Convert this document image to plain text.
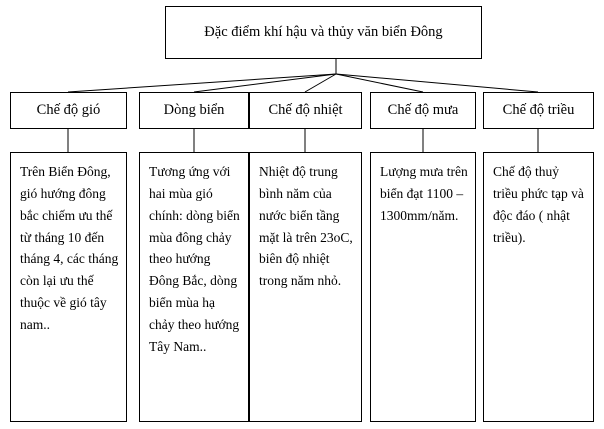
Đặc điểm khí hậu và thủy văn biển Đông
Chế độ gió	Dòng biển	Chế độ nhiệt	Chế độ mưa	Chế độ triều
Trên Biển Đông, gió hướng đông bắc chiếm ưu thế từ tháng 10 đến tháng 4, các tháng còn lại ưu thế thuộc về gió tây nam..
Tương ứng với hai mùa gió chính: dòng biển mùa đông chảy theo hướng Đông Bắc, dòng biển mùa hạ chảy theo hướng Tây Nam..
Nhiệt độ trung bình năm của nước biển tầng mặt là trên 23oC, biên độ nhiệt trong năm nhỏ.
Lượng mưa trên biển đạt 1100 – 1300mm/năm.
Chế độ thuỷ triều phức tạp và độc đáo ( nhật triều).
